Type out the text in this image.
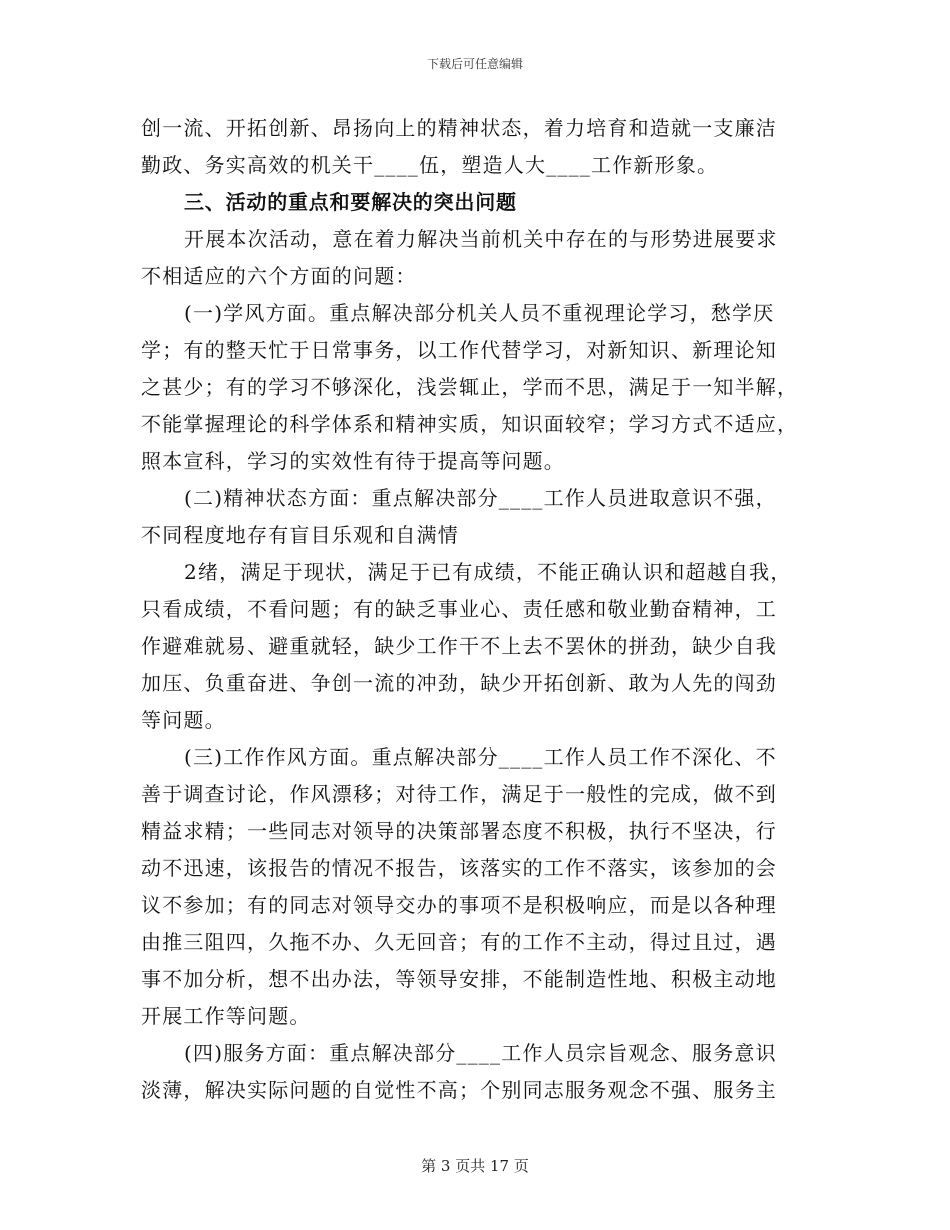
下载后可任意编辑
创一流、开拓创新、昂扬向上的精神状态，着力培育和造就一支廉洁
勤政、务实高效的机关干____伍，塑造人大____工作新形象。
三、活动的重点和要解决的突出问题
开展本次活动，意在着力解决当前机关中存在的与形势进展要求
不相适应的六个方面的问题：
(一)学风方面。重点解决部分机关人员不重视理论学习，愁学厌
学；有的整天忙于日常事务，以工作代替学习，对新知识、新理论知
之甚少；有的学习不够深化，浅尝辄止，学而不思，满足于一知半解，
不能掌握理论的科学体系和精神实质，知识面较窄；学习方式不适应，
照本宣科，学习的实效性有待于提高等问题。
(二)精神状态方面：重点解决部分____工作人员进取意识不强，
不同程度地存有盲目乐观和自满情
2绪，满足于现状，满足于已有成绩，不能正确认识和超越自我，
只看成绩，不看问题；有的缺乏事业心、责任感和敬业勤奋精神，工
作避难就易、避重就轻，缺少工作干不上去不罢休的拼劲，缺少自我
加压、负重奋进、争创一流的冲劲，缺少开拓创新、敢为人先的闯劲
等问题。
(三)工作作风方面。重点解决部分____工作人员工作不深化、不
善于调查讨论，作风漂移；对待工作，满足于一般性的完成，做不到
精益求精；一些同志对领导的决策部署态度不积极，执行不坚决，行
动不迅速，该报告的情况不报告，该落实的工作不落实，该参加的会
议不参加；有的同志对领导交办的事项不是积极响应，而是以各种理
由推三阻四，久拖不办、久无回音；有的工作不主动，得过且过，遇
事不加分析，想不出办法，等领导安排，不能制造性地、积极主动地
开展工作等问题。
(四)服务方面：重点解决部分____工作人员宗旨观念、服务意识
淡薄，解决实际问题的自觉性不高；个别同志服务观念不强、服务主
第 3 页共 17 页
